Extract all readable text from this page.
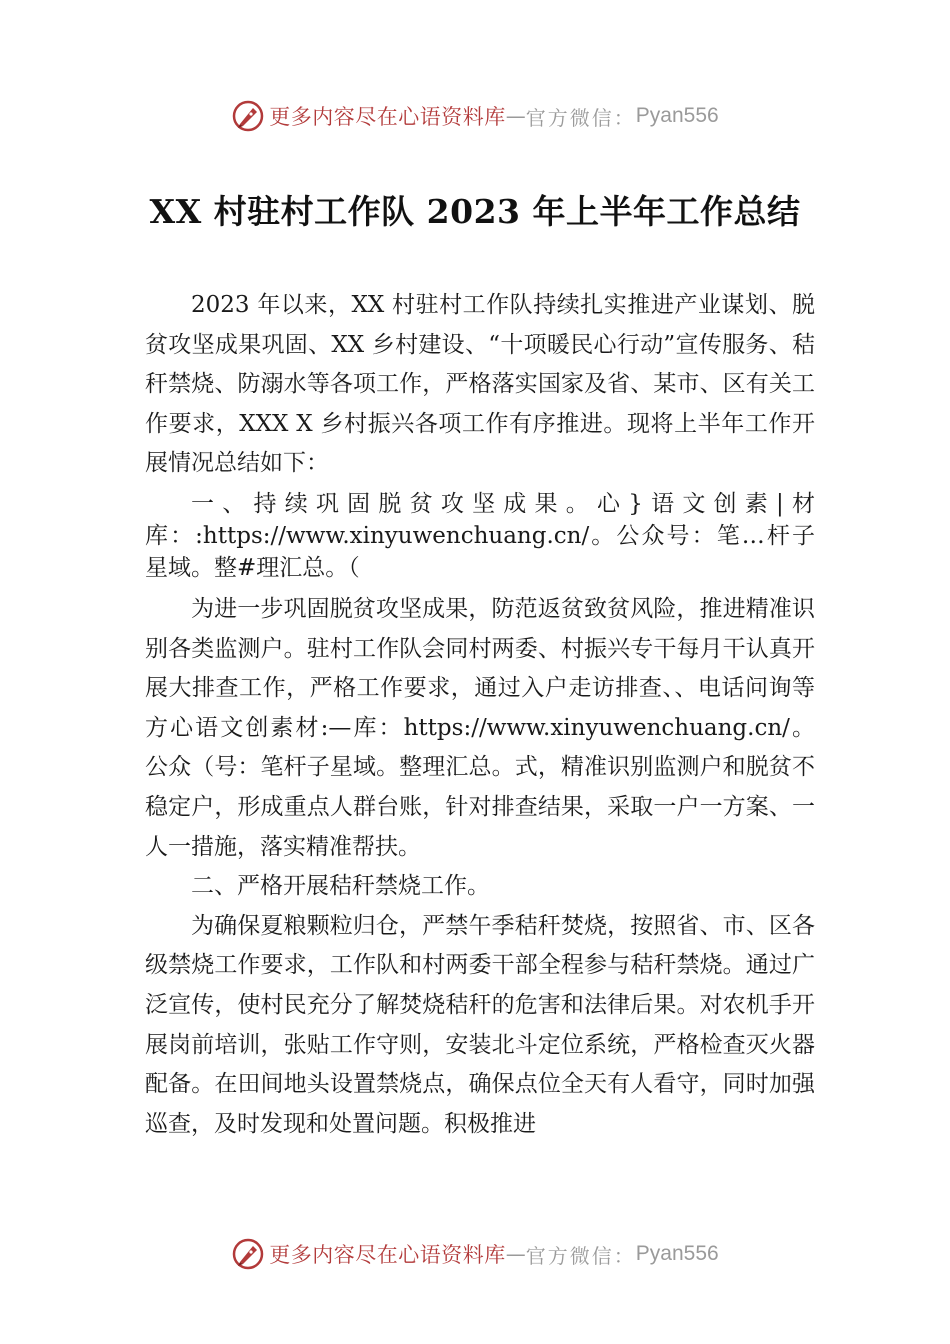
更多内容尽在心语资料库 — 官方微信： Pyan556
XX 村驻村工作队 2023 年上半年工作总结

2023 年以来，XX 村驻村工作队持续扎实推进产业谋划、脱贫攻坚成果巩固、XX 乡村建设、“十项暖民心行动”宣传服务、秸秆禁烧、防溺水等各项工作，严格落实国家及省、某市、区有关工作要求，XXX X 乡村振兴各项工作有序推进。现将上半年工作开展情况总结如下：

一、持续巩固脱贫攻坚成果。心}语文创素|材库：:https://www.xinyuwenchuang.cn/。公众号：笔…杆子星域。整#理汇总。（

为进一步巩固脱贫攻坚成果，防范返贫致贫风险，推进精准识别各类监测户。驻村工作队会同村两委、村振兴专干每月干认真开展大排查工作，严格工作要求，通过入户走访排查、、电话问询等方心语文创素材:—库：https://www.xinyuwenchuang.cn/。公众（号：笔杆子星域。整理汇总。式，精准识别监测户和脱贫不稳定户，形成重点人群台账，针对排查结果，采取一户一方案、一人一措施，落实精准帮扶。

二、严格开展秸秆禁烧工作。

为确保夏粮颗粒归仓，严禁午季秸秆焚烧，按照省、市、区各级禁烧工作要求，工作队和村两委干部全程参与秸秆禁烧。通过广泛宣传，使村民充分了解焚烧秸秆的危害和法律后果。对农机手开展岗前培训，张贴工作守则，安装北斗定位系统，严格检查灭火器配备。在田间地头设置禁烧点，确保点位全天有人看守，同时加强巡查，及时发现和处置问题。积极推进

更多内容尽在心语资料库 — 官方微信： Pyan556
